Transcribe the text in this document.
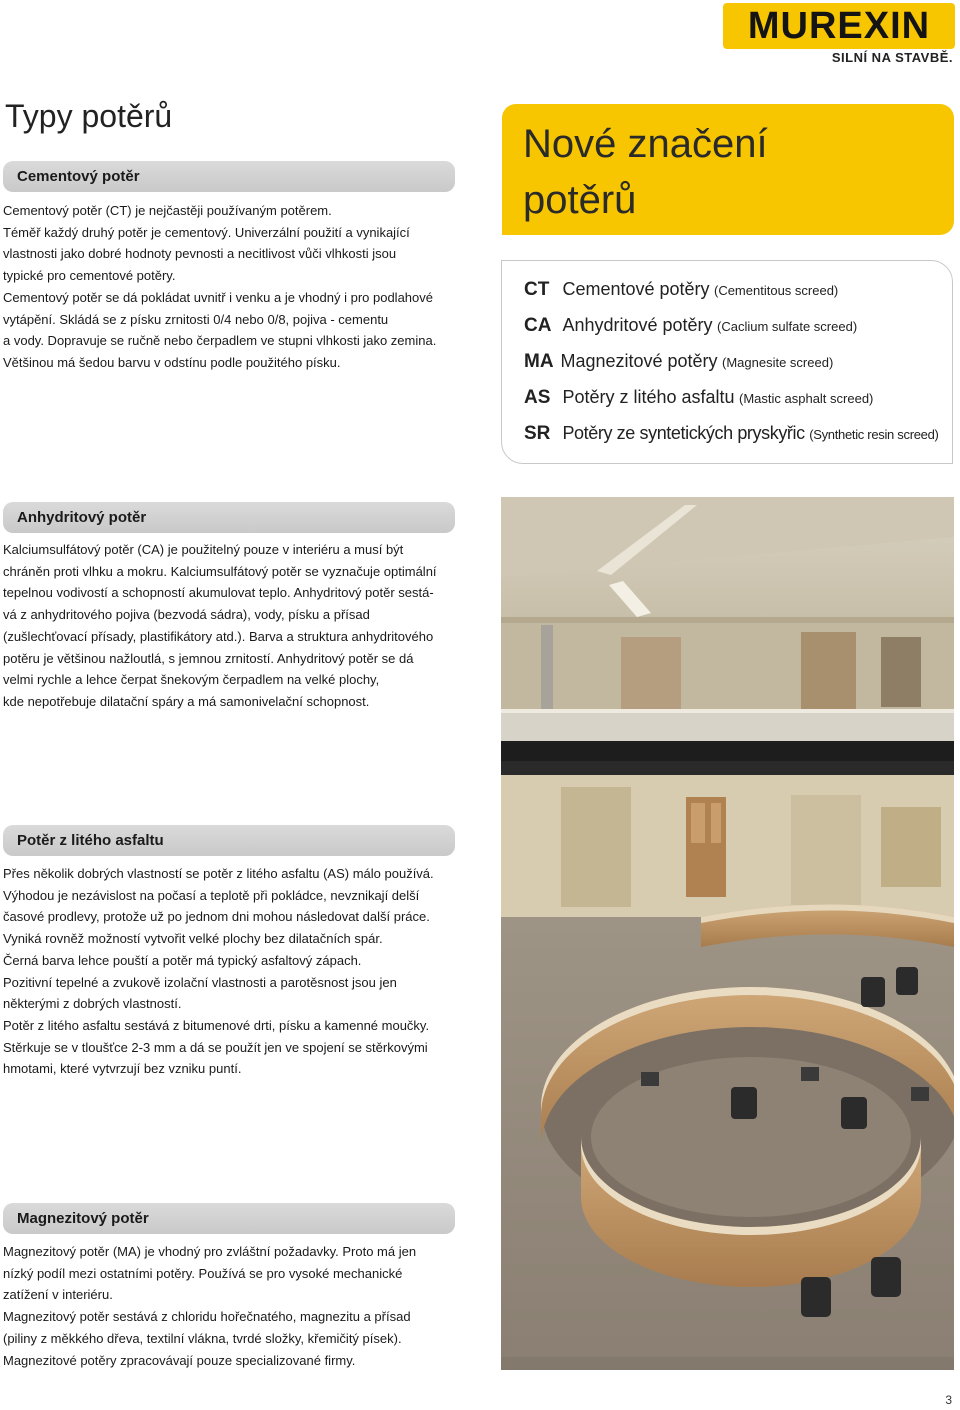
MUREXIN
SILNÍ NA STAVBĚ.
Typy potěrů
Cementový potěr

Cementový potěr (CT) je nejčastěji používaným potěrem.

Téměř každý druhý potěr je cementový. Univerzální použití a vynikající

vlastnosti jako dobré hodnoty pevnosti a necitlivost vůči vlhkosti jsou

typické pro cementové potěry.

Cementový potěr se dá pokládat uvnitř i venku a je vhodný i pro podlahové

vytápění. Skládá se z písku zrnitosti 0/4 nebo 0/8, pojiva - cementu

a vody. Dopravuje se ručně nebo čerpadlem ve stupni vlhkosti jako zemina.

Většinou má šedou barvu v odstínu podle použitého písku.

Anhydritový potěr

Kalciumsulfátový potěr (CA) je použitelný pouze v interiéru a musí být

chráněn proti vlhku a mokru. Kalciumsulfátový potěr se vyznačuje optimální

tepelnou vodivostí a schopností akumulovat teplo. Anhydritový potěr sestá-

vá z anhydritového pojiva (bezvodá sádra), vody, písku a přísad

(zušlechťovací přísady, plastifikátory atd.). Barva a struktura anhydritového

potěru je většinou nažloutlá, s jemnou zrnitostí. Anhydritový potěr se dá

velmi rychle a lehce čerpat šnekovým čerpadlem na velké plochy,

kde nepotřebuje dilatační spáry a má samonivelační schopnost.

Potěr z litého asfaltu

Přes několik dobrých vlastností se potěr z litého asfaltu (AS) málo používá.

Výhodou je nezávislost na počasí a teplotě při pokládce, nevznikají delší

časové prodlevy, protože už po jednom dni mohou následovat další práce.

Vyniká rovněž možností vytvořit velké plochy bez dilatačních spár.

Černá barva lehce pouští a potěr má typický asfaltový zápach.

Pozitivní tepelné a zvukově izolační vlastnosti a parotěsnost jsou jen

některými z dobrých vlastností.

Potěr z litého asfaltu sestává z bitumenové drti, písku a kamenné moučky.

Stěrkuje se v tloušťce 2-3 mm a dá se použít jen ve spojení se stěrkovými

hmotami, které vytvrzují bez vzniku puntí.

Magnezitový potěr

Magnezitový potěr (MA) je vhodný pro zvláštní požadavky. Proto má jen

nízký podíl mezi ostatními potěry. Používá se pro vysoké mechanické

zatížení v interiéru.

Magnezitový potěr sestává z chloridu hořečnatého, magnezitu a přísad

(piliny z měkkého dřeva, textilní vlákna, tvrdé složky, křemičitý písek).

Magnezitové potěry zpracovávají pouze specializované firmy.

Nové značení
potěrů
CT Cementové potěry (Cementitous screed)
CA Anhydritové potěry (Caclium sulfate screed)
MA Magnezitové potěry (Magnesite screed)
AS Potěry z litého asfaltu (Mastic asphalt screed)
SR Potěry ze syntetických pryskyřic (Synthetic resin screed)
3
